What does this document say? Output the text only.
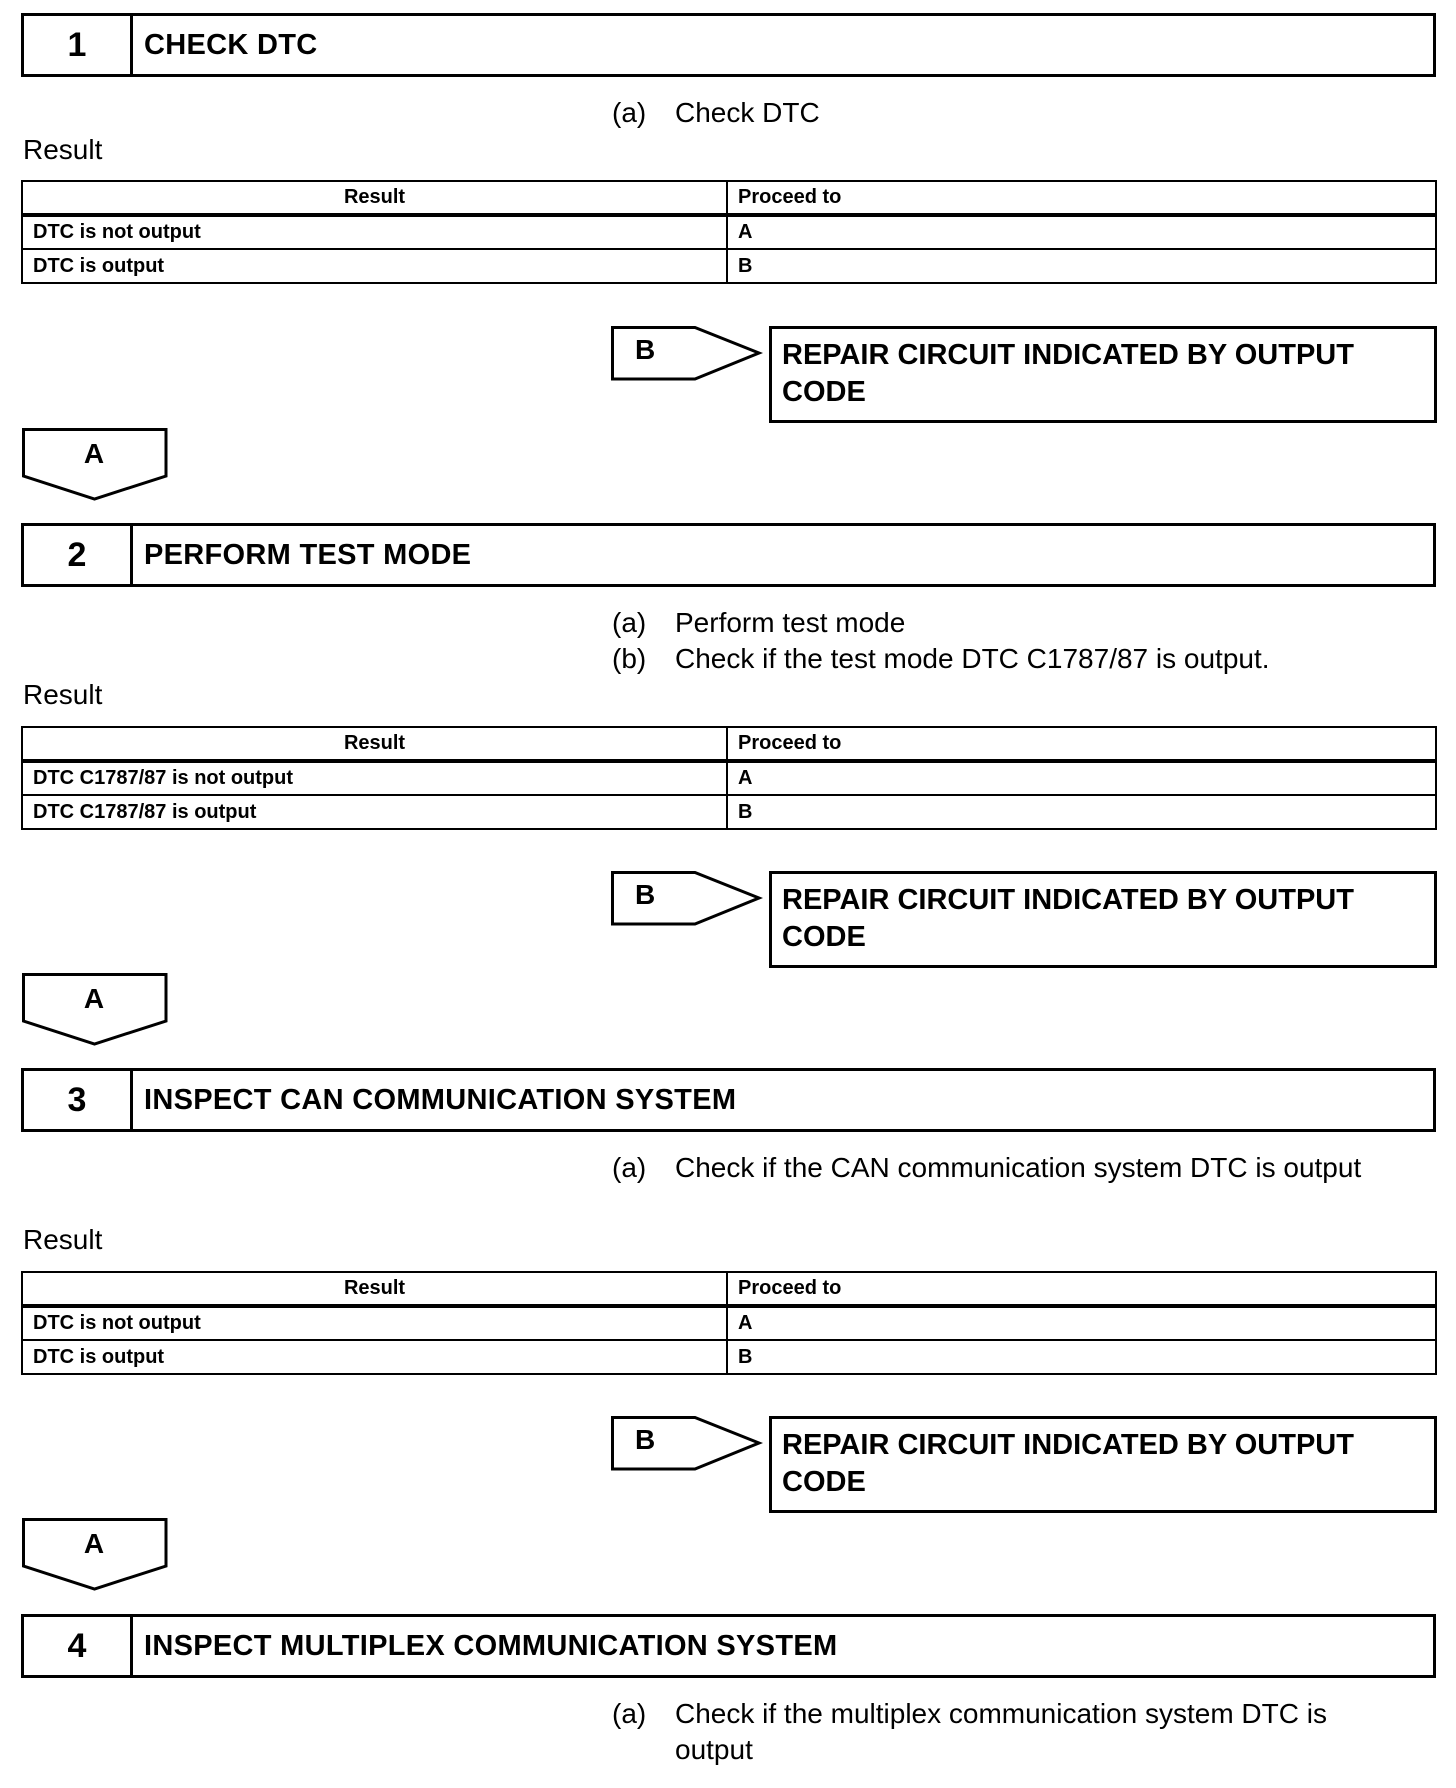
1	CHECK DTC
(a) Check DTC
Result
Result	Proceed to
DTC is not output	A
DTC is output	B
B	REPAIR CIRCUIT INDICATED BY OUTPUT CODE
A
2	PERFORM TEST MODE
(a) Perform test mode
(b) Check if the test mode DTC C1787/87 is output.
Result
Result	Proceed to
DTC C1787/87 is not output	A
DTC C1787/87 is output	B
B	REPAIR CIRCUIT INDICATED BY OUTPUT CODE
A
3	INSPECT CAN COMMUNICATION SYSTEM
(a) Check if the CAN communication system DTC is output
Result
Result	Proceed to
DTC is not output	A
DTC is output	B
B	REPAIR CIRCUIT INDICATED BY OUTPUT CODE
A
4	INSPECT MULTIPLEX COMMUNICATION SYSTEM
(a) Check if the multiplex communication system DTC is
output
